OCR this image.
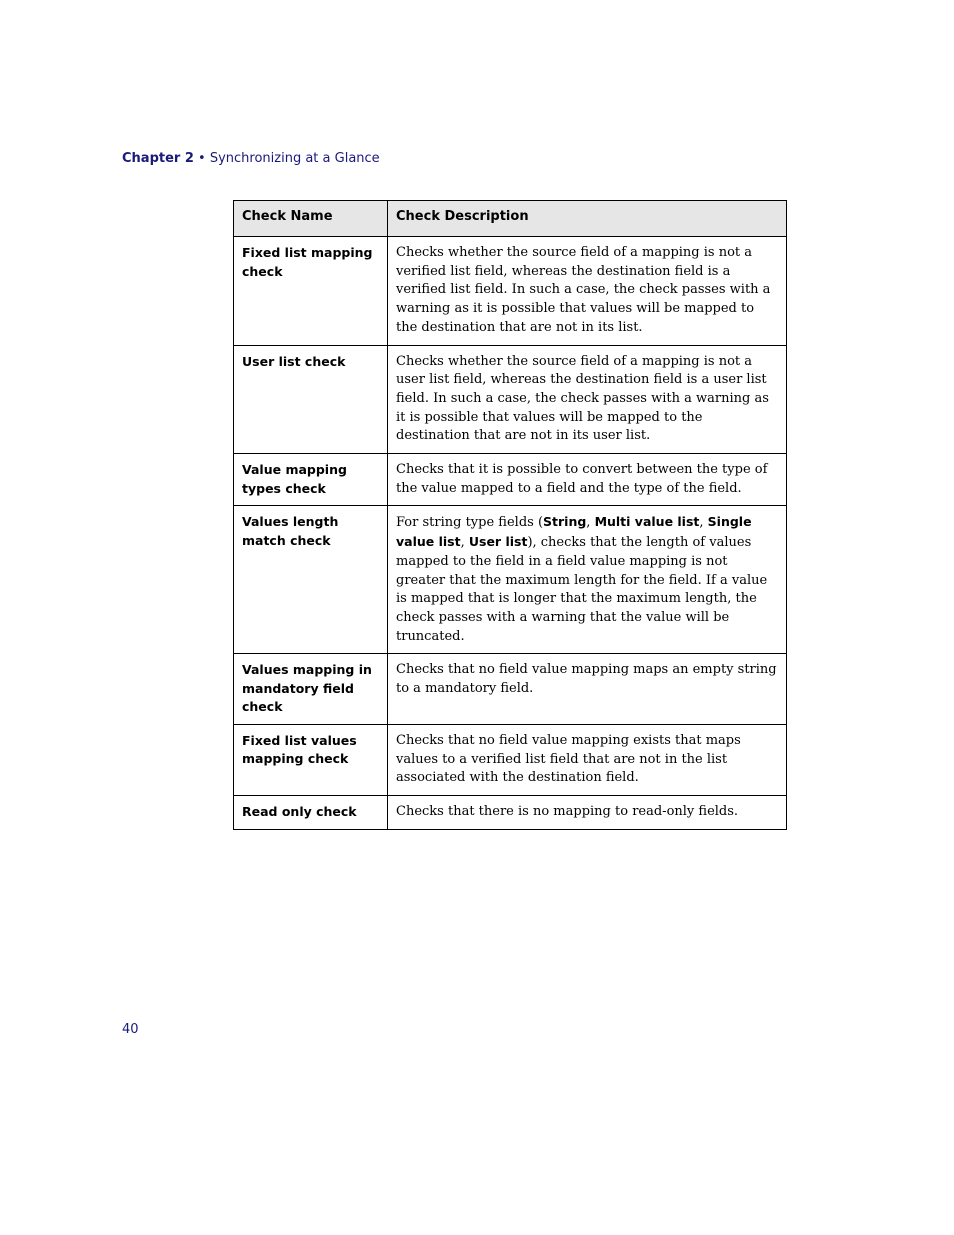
Chapter 2 • Synchronizing at a Glance
Check Name	Check Description
Fixed list mapping check	Checks whether the source field of a mapping is not a verified list field, whereas the destination field is a verified list field. In such a case, the check passes with a warning as it is possible that values will be mapped to the destination that are not in its list.
User list check	Checks whether the source field of a mapping is not a user list field, whereas the destination field is a user list field. In such a case, the check passes with a warning as it is possible that values will be mapped to the destination that are not in its user list.
Value mapping types check	Checks that it is possible to convert between the type of the value mapped to a field and the type of the field.
Values length match check	For string type fields (String, Multi value list, Single value list, User list), checks that the length of values mapped to the field in a field value mapping is not greater that the maximum length for the field. If a value is mapped that is longer that the maximum length, the check passes with a warning that the value will be truncated.
Values mapping in mandatory field check	Checks that no field value mapping maps an empty string to a mandatory field.
Fixed list values mapping check	Checks that no field value mapping exists that maps values to a verified list field that are not in the list associated with the destination field.
Read only check	Checks that there is no mapping to read-only fields.
40
